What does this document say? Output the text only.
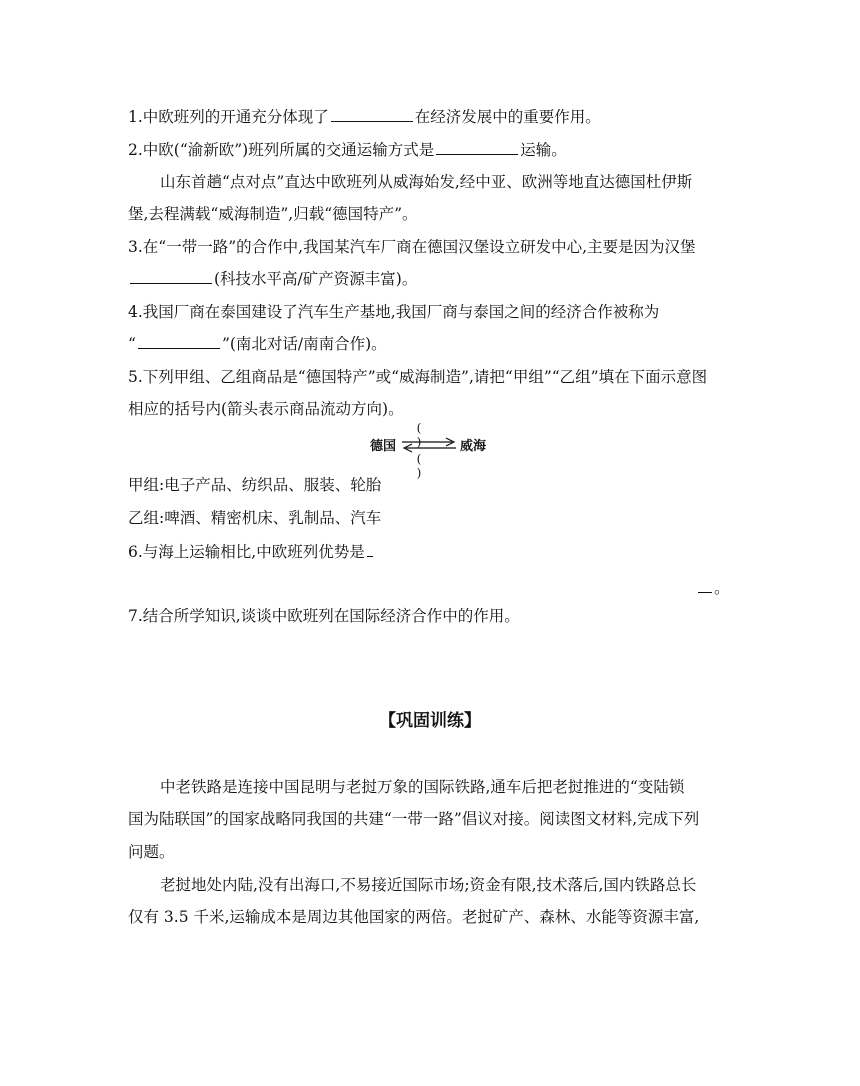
1.中欧班列的开通充分体现了	在经济发展中的重要作用。
2.中欧(“渝新欧”)班列所属的交通运输方式是	运输。
山东首趟“点对点”直达中欧班列从威海始发,经中亚、欧洲等地直达德国杜伊斯
堡,去程满载“威海制造”,归载“德国特产”。
3.在“一带一路”的合作中,我国某汽车厂商在德国汉堡设立研发中心,主要是因为汉堡
(科技水平高/矿产资源丰富)。
4.我国厂商在泰国建设了汽车生产基地,我国厂商与泰国之间的经济合作被称为
“	”(南北对话/南南合作)。
5.下列甲组、乙组商品是“德国特产”或“威海制造”,请把“甲组”“乙组”填在下面示意图
相应的括号内(箭头表示商品流动方向)。
德国
( )
( )
威海
甲组:电子产品、纺织品、服装、轮胎
乙组:啤酒、精密机床、乳制品、汽车
6.与海上运输相比,中欧班列优势是
。
7.结合所学知识,谈谈中欧班列在国际经济合作中的作用。
【巩固训练】
中老铁路是连接中国昆明与老挝万象的国际铁路,通车后把老挝推进的“变陆锁
国为陆联国”的国家战略同我国的共建“一带一路”倡议对接。阅读图文材料,完成下列
问题。
老挝地处内陆,没有出海口,不易接近国际市场;资金有限,技术落后,国内铁路总长
仅有 3.5 千米,运输成本是周边其他国家的两倍。老挝矿产、森林、水能等资源丰富,
